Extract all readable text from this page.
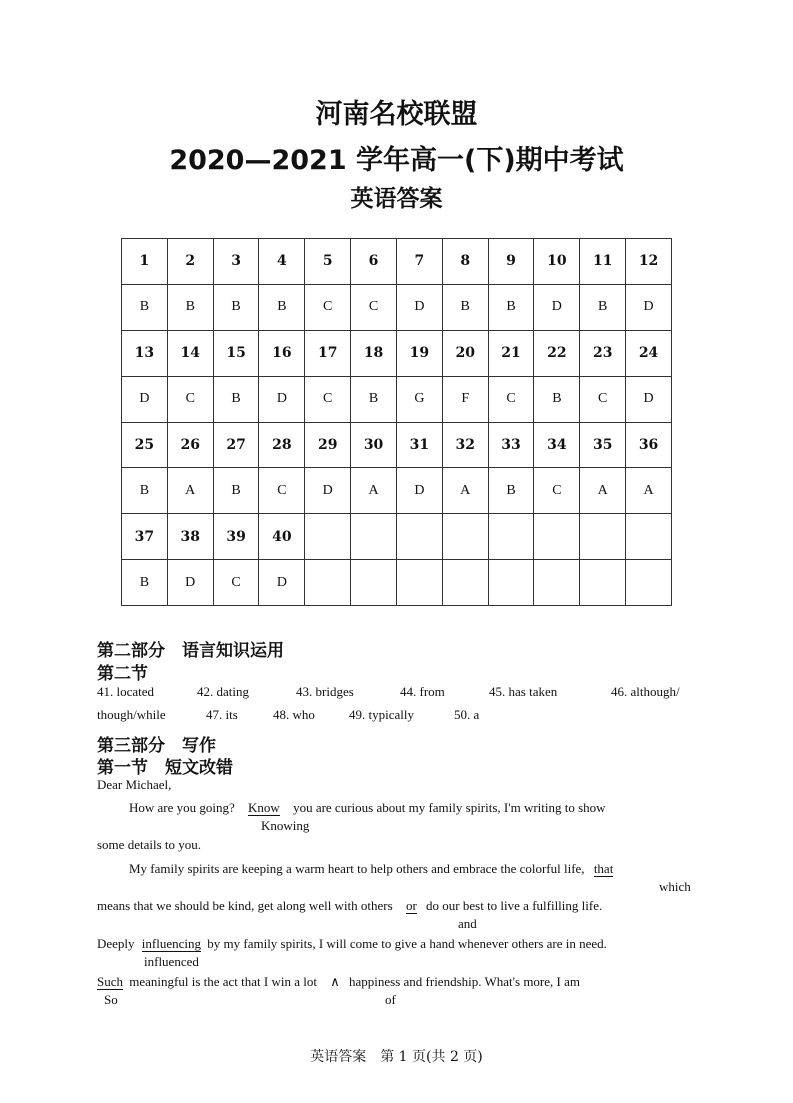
河南名校联盟
2020—2021 学年高一(下)期中考试
英语答案
1	2	3	4	5	6	7	8	9	10	11	12
B	B	B	B	C	C	D	B	B	D	B	D
13	14	15	16	17	18	19	20	21	22	23	24
D	C	B	D	C	B	G	F	C	B	C	D
25	26	27	28	29	30	31	32	33	34	35	36
B	A	B	C	D	A	D	A	B	C	A	A
37	38	39	40								
B	D	C	D								
第二部分　语言知识运用
第二节
41. located	42. dating	43. bridges	44. from	45. has taken	46. although/
though/while	47. its	48. who	49. typically	50. a
第三部分　写作
第一节　短文改错
Dear Michael,
How are you going? Know you are curious about my family spirits, I'm writing to show
Knowing
some details to you.
My family spirits are keeping a warm heart to help others and embrace the colorful life, that
which
means that we should be kind, get along well with others or do our best to live a fulfilling life.
and
Deeply influencing by my family spirits, I will come to give a hand whenever others are in need.
influenced
Such meaningful is the act that I win a lot ∧ happiness and friendship. What's more, I am
So	of
英语答案　第 1 页(共 2 页)
